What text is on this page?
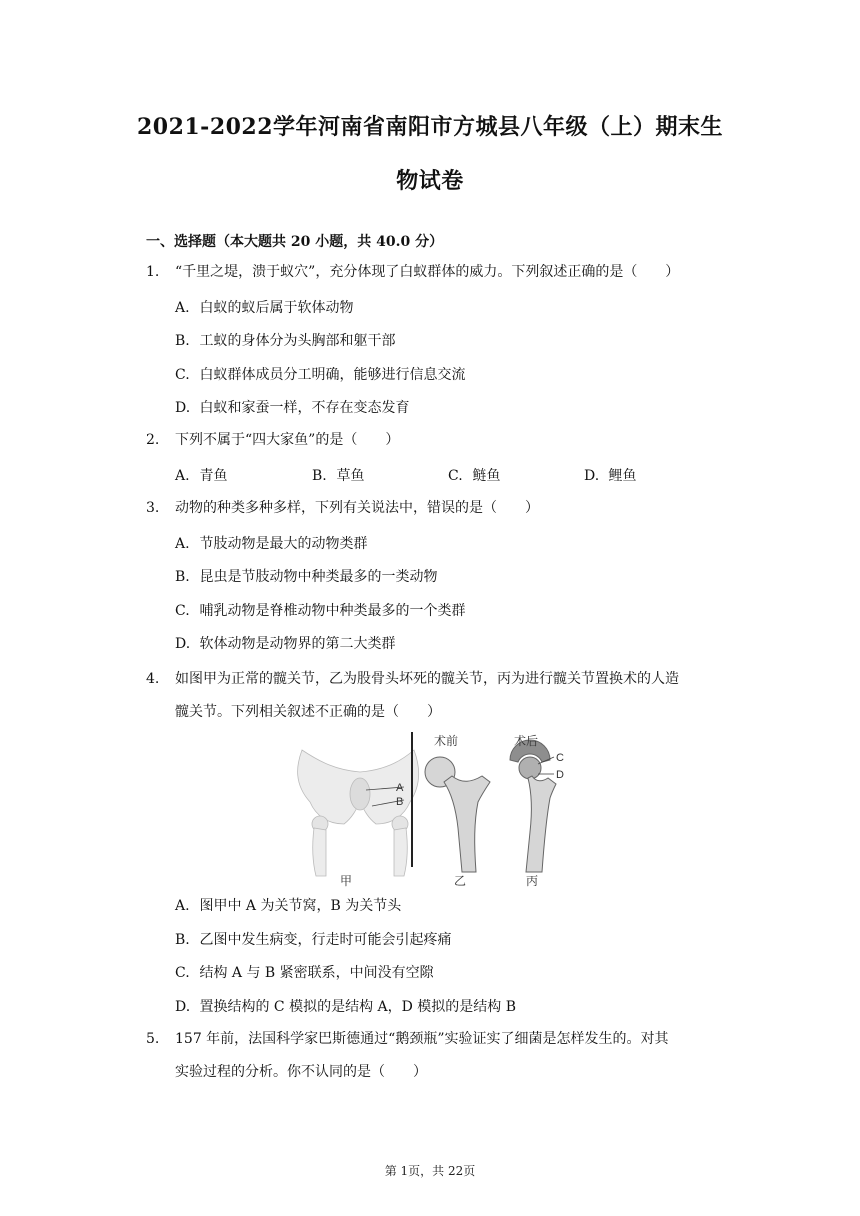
2021-2022学年河南省南阳市方城县八年级（上）期末生
物试卷
一、选择题（本大题共 20 小题，共 40.0 分）
1. “千里之堤，溃于蚁穴”，充分体现了白蚁群体的威力。下列叙述正确的是（　　）
A. 白蚁的蚁后属于软体动物
B. 工蚁的身体分为头胸部和躯干部
C. 白蚁群体成员分工明确，能够进行信息交流
D. 白蚁和家蚕一样，不存在变态发育
2. 下列不属于“四大家鱼”的是（　　）
A. 青鱼	B. 草鱼	C. 鲢鱼	D. 鲤鱼
3. 动物的种类多种多样，下列有关说法中，错误的是（　　）
A. 节肢动物是最大的动物类群
B. 昆虫是节肢动物中种类最多的一类动物
C. 哺乳动物是脊椎动物中种类最多的一个类群
D. 软体动物是动物界的第二大类群
4. 如图甲为正常的髋关节，乙为股骨头坏死的髋关节，丙为进行髋关节置换术的人造
髋关节。下列相关叙述不正确的是（　　）
A
B
C
D
术前	术后
甲	乙	丙
A. 图甲中 A 为关节窝，B 为关节头
B. 乙图中发生病变，行走时可能会引起疼痛
C. 结构 A 与 B 紧密联系，中间没有空隙
D. 置换结构的 C 模拟的是结构 A，D 模拟的是结构 B
5. 157 年前，法国科学家巴斯德通过“鹅颈瓶”实验证实了细菌是怎样发生的。对其
实验过程的分析。你不认同的是（　　）
第 1页，共 22页
